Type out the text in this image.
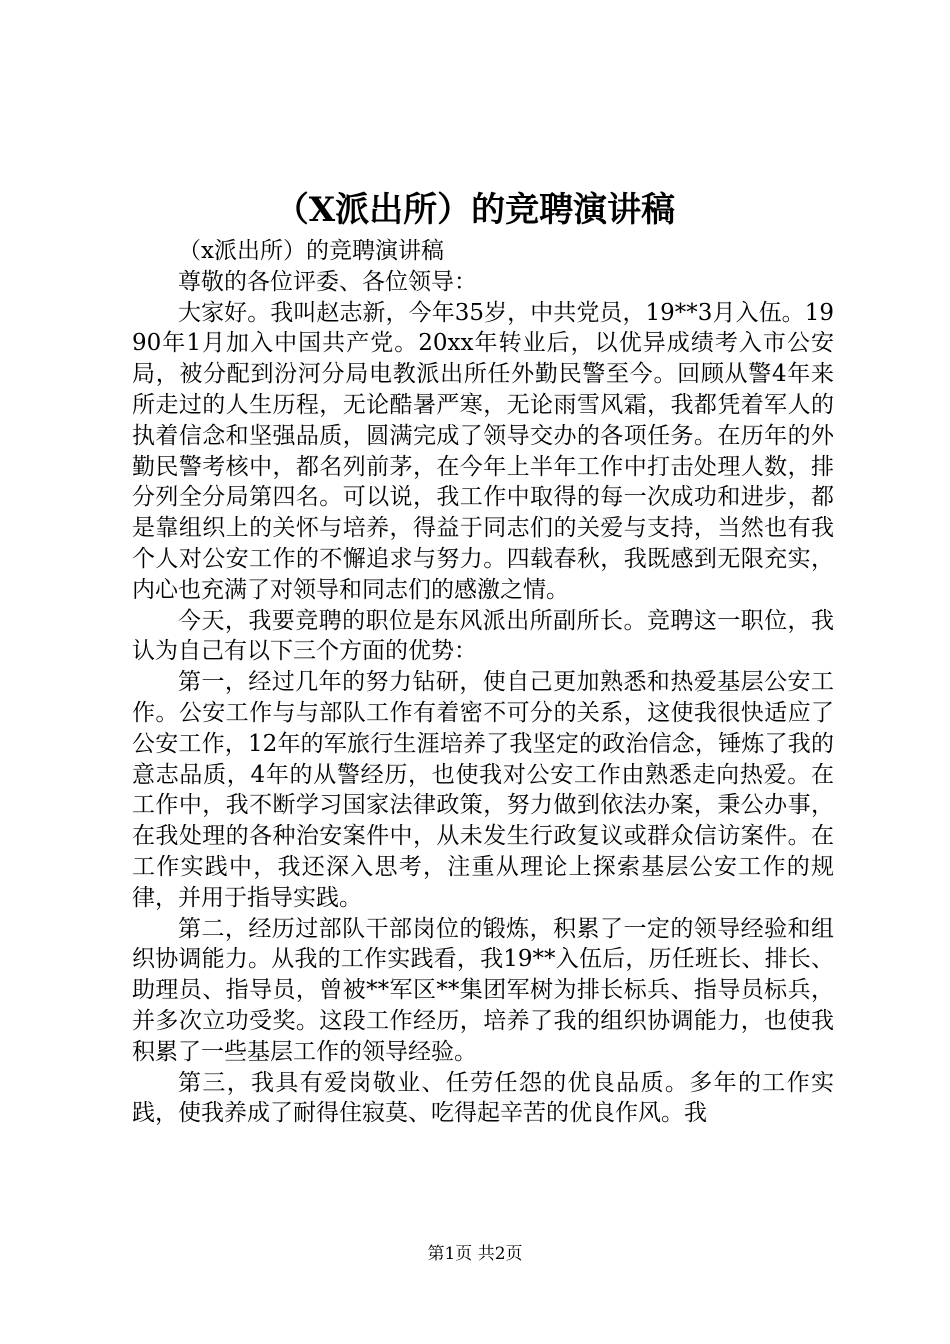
（X派出所）的竞聘演讲稿

（x派出所）的竞聘演讲稿

尊敬的各位评委、各位领导：

大家好。我叫赵志新，今年35岁，中共党员，19**3月入伍。1990年1月加入中国共产党。20xx年转业后，以优异成绩考入市公安局，被分配到汾河分局电教派出所任外勤民警至今。回顾从警4年来所走过的人生历程，无论酷暑严寒，无论雨雪风霜，我都凭着军人的执着信念和坚强品质，圆满完成了领导交办的各项任务。在历年的外勤民警考核中，都名列前茅，在今年上半年工作中打击处理人数，排分列全分局第四名。可以说，我工作中取得的每一次成功和进步，都是靠组织上的关怀与培养，得益于同志们的关爱与支持，当然也有我个人对公安工作的不懈追求与努力。四载春秋，我既感到无限充实，内心也充满了对领导和同志们的感激之情。

今天，我要竞聘的职位是东风派出所副所长。竞聘这一职位，我认为自己有以下三个方面的优势：

第一，经过几年的努力钻研，使自己更加熟悉和热爱基层公安工作。公安工作与与部队工作有着密不可分的关系，这使我很快适应了公安工作，12年的军旅行生涯培养了我坚定的政治信念，锤炼了我的意志品质，4年的从警经历，也使我对公安工作由熟悉走向热爱。在工作中，我不断学习国家法律政策，努力做到依法办案，秉公办事，在我处理的各种治安案件中，从未发生行政复议或群众信访案件。在工作实践中，我还深入思考，注重从理论上探索基层公安工作的规律，并用于指导实践。

第二，经历过部队干部岗位的锻炼，积累了一定的领导经验和组织协调能力。从我的工作实践看，我19**入伍后，历任班长、排长、助理员、指导员，曾被**军区**集团军树为排长标兵、指导员标兵，并多次立功受奖。这段工作经历，培养了我的组织协调能力，也使我积累了一些基层工作的领导经验。

第三，我具有爱岗敬业、任劳任怨的优良品质。多年的工作实践，使我养成了耐得住寂莫、吃得起辛苦的优良作风。我

第1页 共2页
